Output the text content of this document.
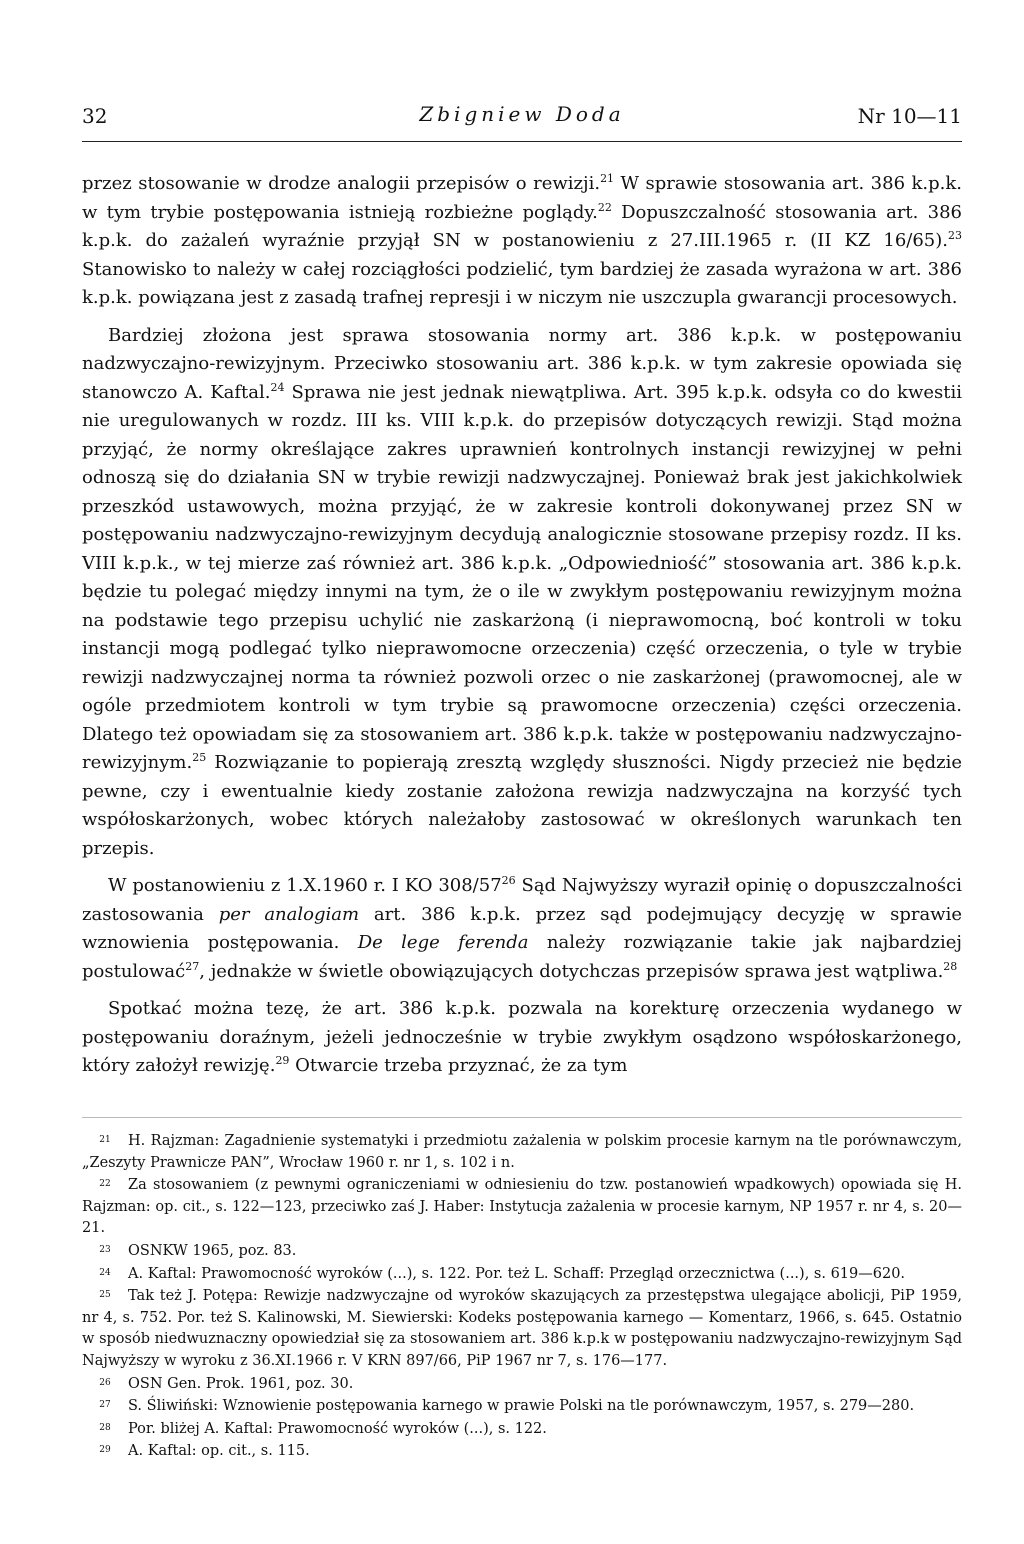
32	Zbigniew Doda	Nr 10—11

przez stosowanie w drodze analogii przepisów o rewizji.$^{21}$ W sprawie stosowania art. 386 k.p.k. w tym trybie postępowania istnieją rozbieżne poglądy.$^{22}$ Dopuszczalność stosowania art. 386 k.p.k. do zażaleń wyraźnie przyjął SN w postanowieniu z 27.III.1965 r. (II KZ 16/65).$^{23}$ Stanowisko to należy w całej rozciągłości podzielić, tym bardziej że zasada wyrażona w art. 386 k.p.k. powiązana jest z zasadą trafnej represji i w niczym nie uszczupla gwarancji procesowych.

Bardziej złożona jest sprawa stosowania normy art. 386 k.p.k. w postępowaniu nadzwyczajno-rewizyjnym. Przeciwko stosowaniu art. 386 k.p.k. w tym zakresie opowiada się stanowczo A. Kaftal.$^{24}$ Sprawa nie jest jednak niewątpliwa. Art. 395 k.p.k. odsyła co do kwestii nie uregulowanych w rozdz. III ks. VIII k.p.k. do przepisów dotyczących rewizji. Stąd można przyjąć, że normy określające zakres uprawnień kontrolnych instancji rewizyjnej w pełni odnoszą się do działania SN w trybie rewizji nadzwyczajnej. Ponieważ brak jest jakichkolwiek przeszkód ustawowych, można przyjąć, że w zakresie kontroli dokonywanej przez SN w postępowaniu nadzwyczajno-rewizyjnym decydują analogicznie stosowane przepisy rozdz. II ks. VIII k.p.k., w tej mierze zaś również art. 386 k.p.k. „Odpowiedniość” stosowania art. 386 k.p.k. będzie tu polegać między innymi na tym, że o ile w zwykłym postępowaniu rewizyjnym można na podstawie tego przepisu uchylić nie zaskarżoną (i nieprawomocną, boć kontroli w toku instancji mogą podlegać tylko nieprawomocne orzeczenia) część orzeczenia, o tyle w trybie rewizji nadzwyczajnej norma ta również pozwoli orzec o nie zaskarżonej (prawomocnej, ale w ogóle przedmiotem kontroli w tym trybie są prawomocne orzeczenia) części orzeczenia. Dlatego też opowiadam się za stosowaniem art. 386 k.p.k. także w postępowaniu nadzwyczajno-rewizyjnym.$^{25}$ Rozwiązanie to popierają zresztą względy słuszności. Nigdy przecież nie będzie pewne, czy i ewentualnie kiedy zostanie założona rewizja nadzwyczajna na korzyść tych współoskarżonych, wobec których należałoby zastosować w określonych warunkach ten przepis.

W postanowieniu z 1.X.1960 r. I KO $308/57^{26}$ Sąd Najwyższy wyraził opinię o dopuszczalności zastosowania per analogiam art. 386 k.p.k. przez sąd podejmujący decyzję w sprawie wznowienia postępowania. De lege ferenda należy rozwiązanie takie jak najbardziej postulować$^{27}$, jednakże w świetle obowiązujących dotychczas przepisów sprawa jest wątpliwa.$^{28}$

Spotkać można tezę, że art. 386 k.p.k. pozwala na korekturę orzeczenia wydanego w postępowaniu doraźnym, jeżeli jednocześnie w trybie zwykłym osądzono współoskarżonego, który założył rewizję.$^{29}$ Otwarcie trzeba przyznać, że za tym

21 H. Rajzman: Zagadnienie systematyki i przedmiotu zażalenia w polskim procesie karnym na tle porównawczym, „Zeszyty Prawnicze PAN”, Wrocław 1960 r. nr 1, s. 102 i n.

22 Za stosowaniem (z pewnymi ograniczeniami w odniesieniu do tzw. postanowień wpadkowych) opowiada się H. Rajzman: op. cit., s. 122—123, przeciwko zaś J. Haber: Instytucja zażalenia w procesie karnym, NP 1957 r. nr 4, s. 20—21.

23 OSNKW 1965, poz. 83.

24 A. Kaftal: Prawomocność wyroków (...), s. 122. Por. też L. Schaff: Przegląd orzecznictwa (...), s. 619—620.

25 Tak też J. Potępa: Rewizje nadzwyczajne od wyroków skazujących za przestępstwa ulegające abolicji, PiP 1959, nr 4, s. 752. Por. też S. Kalinowski, M. Siewierski: Kodeks postępowania karnego — Komentarz, 1966, s. 645. Ostatnio w sposób niedwuznaczny opowiedział się za stosowaniem art. 386 k.p.k w postępowaniu nadzwyczajno-rewizyjnym Sąd Najwyższy w wyroku z 36.XI.1966 r. V KRN 897/66, PiP 1967 nr 7, s. 176—177.

26 OSN Gen. Prok. 1961, poz. 30.

27 S. Śliwiński: Wznowienie postępowania karnego w prawie Polski na tle porównawczym, 1957, s. 279—280.

28 Por. bliżej A. Kaftal: Prawomocność wyroków (...), s. 122.

29 A. Kaftal: op. cit., s. 115.
